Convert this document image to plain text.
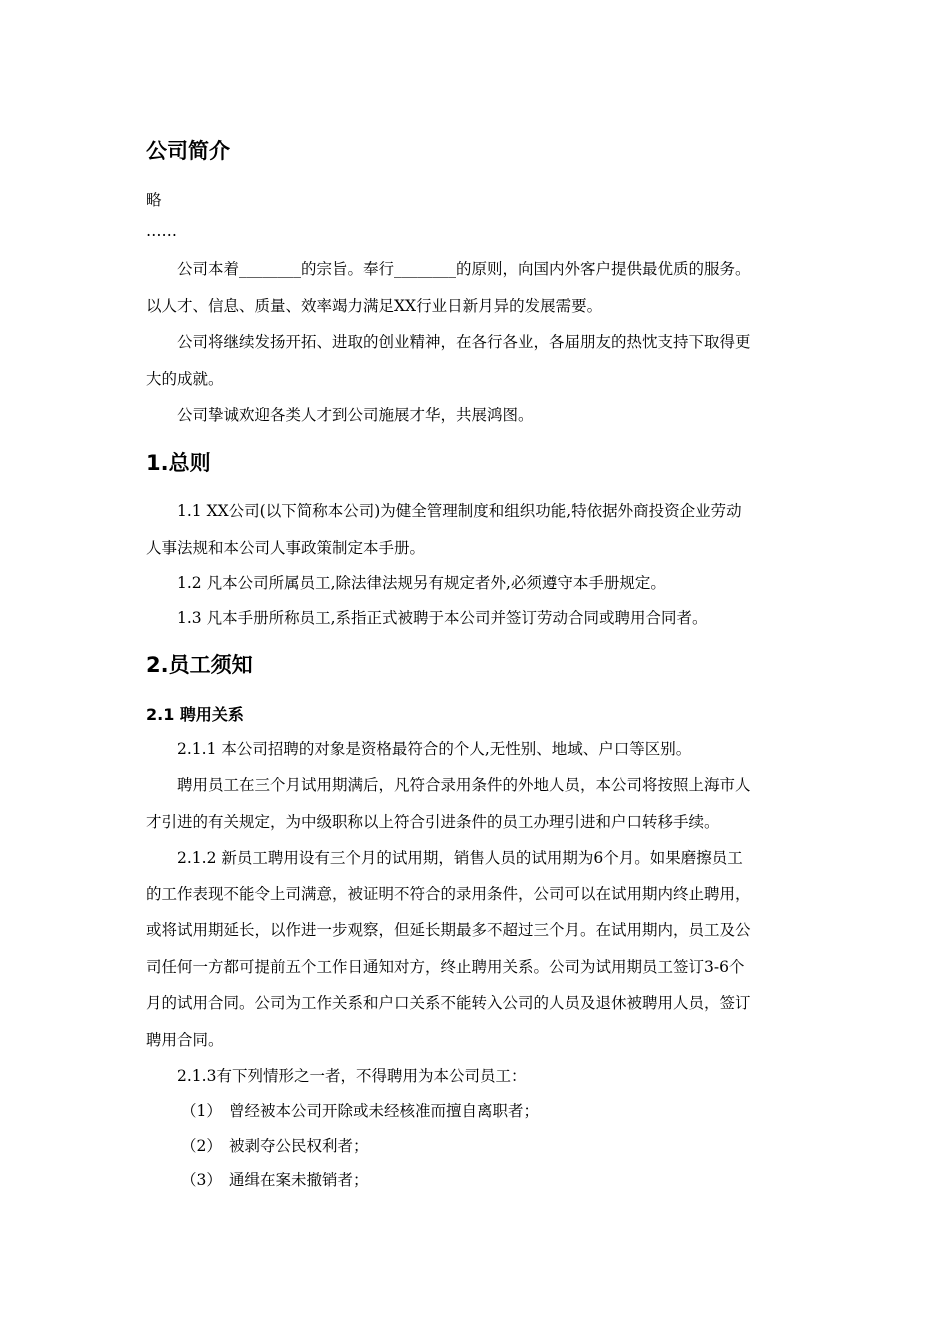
公司简介
略
……
公司本着________的宗旨。奉行________的原则，向国内外客户提供最优质的服务。
以人才、信息、质量、效率竭力满足XX行业日新月异的发展需要。
公司将继续发扬开拓、进取的创业精神，在各行各业，各届朋友的热忱支持下取得更
大的成就。
公司挚诚欢迎各类人才到公司施展才华，共展鸿图。
1.总则
1.1 XX公司(以下简称本公司)为健全管理制度和组织功能,特依据外商投资企业劳动
人事法规和本公司人事政策制定本手册。
1.2 凡本公司所属员工,除法律法规另有规定者外,必须遵守本手册规定。
1.3 凡本手册所称员工,系指正式被聘于本公司并签订劳动合同或聘用合同者。
2.员工须知
2.1 聘用关系
2.1.1 本公司招聘的对象是资格最符合的个人,无性别、地域、户口等区别。
聘用员工在三个月试用期满后，凡符合录用条件的外地人员，本公司将按照上海市人
才引进的有关规定，为中级职称以上符合引进条件的员工办理引进和户口转移手续。
2.1.2 新员工聘用设有三个月的试用期，销售人员的试用期为6个月。如果磨擦员工
的工作表现不能令上司满意，被证明不符合的录用条件，公司可以在试用期内终止聘用，
或将试用期延长，以作进一步观察，但延长期最多不超过三个月。在试用期内，员工及公
司任何一方都可提前五个工作日通知对方，终止聘用关系。公司为试用期员工签订3-6个
月的试用合同。公司为工作关系和户口关系不能转入公司的人员及退休被聘用人员，签订
聘用合同。
2.1.3有下列情形之一者，不得聘用为本公司员工：
（1） 曾经被本公司开除或未经核准而擅自离职者；
（2） 被剥夺公民权利者；
（3） 通缉在案未撤销者；
